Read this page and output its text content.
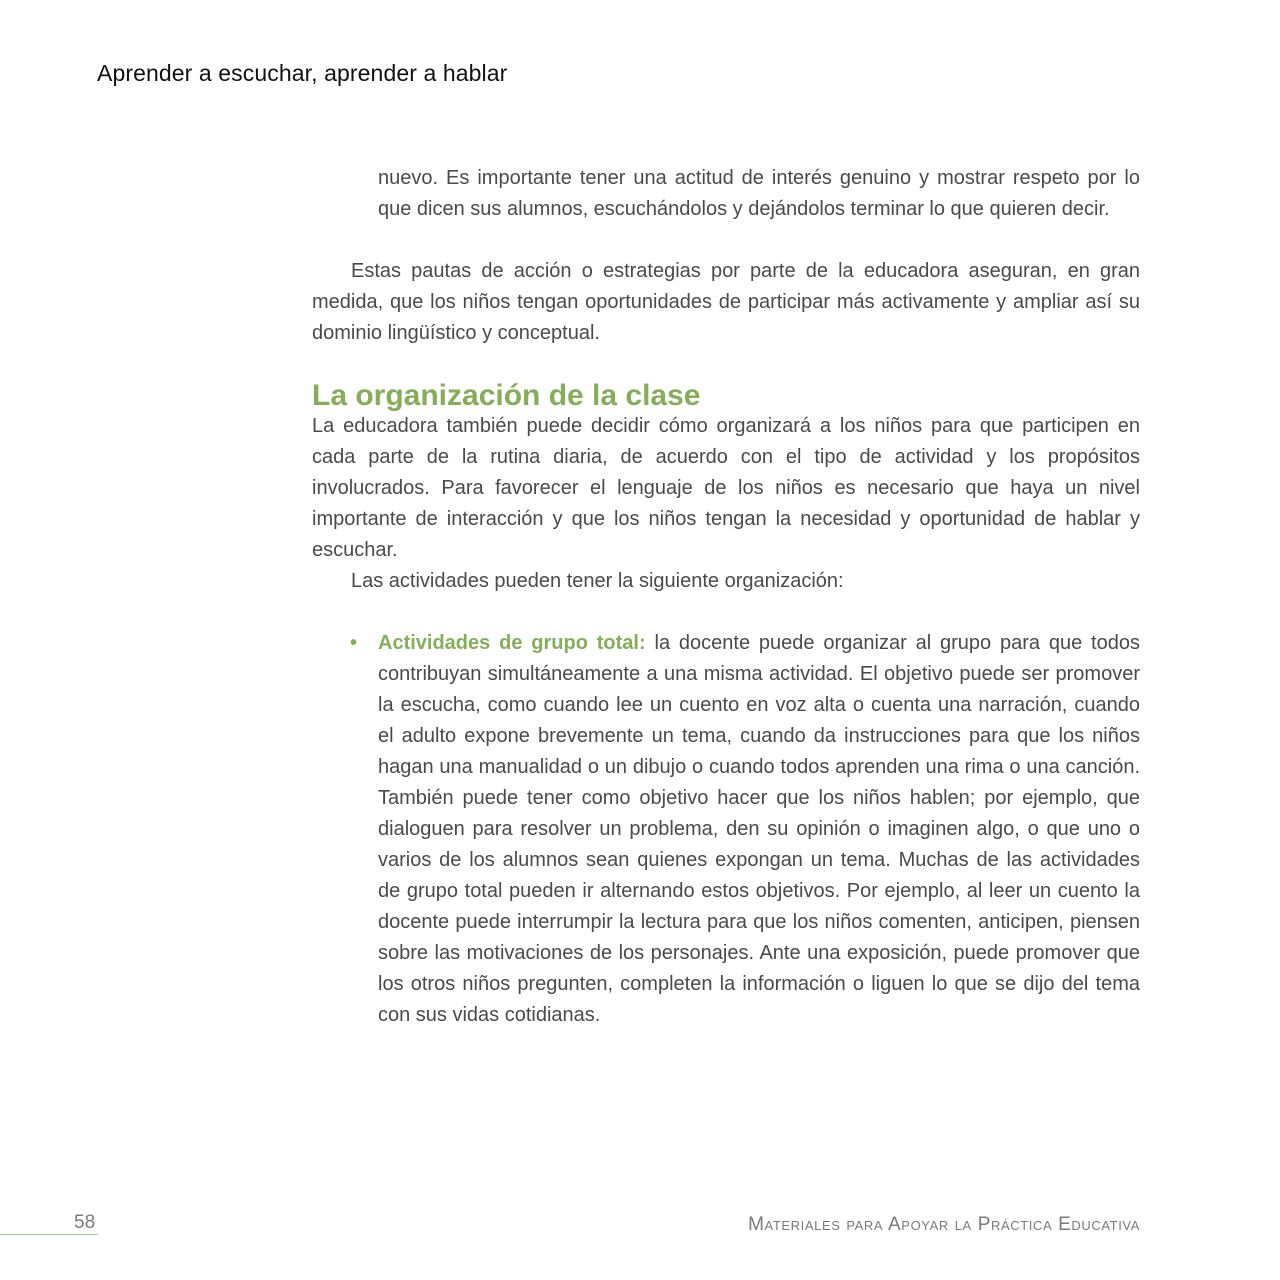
Aprender a escuchar, aprender a hablar

nuevo. Es importante tener una actitud de interés genuino y mostrar respeto por lo que dicen sus alumnos, escuchándolos y dejándolos terminar lo que quieren decir.

Estas pautas de acción o estrategias por parte de la educadora aseguran, en gran medida, que los niños tengan oportunidades de participar más activamente y ampliar así su dominio lingüístico y conceptual.

La organización de la clase

La educadora también puede decidir cómo organizará a los niños para que participen en cada parte de la rutina diaria, de acuerdo con el tipo de actividad y los propósitos involucrados. Para favorecer el lenguaje de los niños es necesario que haya un nivel importante de interacción y que los niños tengan la necesidad y oportunidad de hablar y escuchar.

Las actividades pueden tener la siguiente organización:

• Actividades de grupo total: la docente puede organizar al grupo para que todos contribuyan simultáneamente a una misma actividad. El objetivo puede ser promover la escucha, como cuando lee un cuento en voz alta o cuenta una narración, cuando el adulto expone brevemente un tema, cuando da instrucciones para que los niños hagan una manualidad o un dibujo o cuando todos aprenden una rima o una canción. También puede tener como objetivo hacer que los niños hablen; por ejemplo, que dialoguen para resolver un problema, den su opinión o imaginen algo, o que uno o varios de los alumnos sean quienes expongan un tema. Muchas de las actividades de grupo total pueden ir alternando estos objetivos. Por ejemplo, al leer un cuento la docente puede interrumpir la lectura para que los niños comenten, anticipen, piensen sobre las motivaciones de los personajes. Ante una exposición, puede promover que los otros niños pregunten, completen la información o liguen lo que se dijo del tema con sus vidas cotidianas.
58	Materiales para Apoyar la Práctica Educativa
